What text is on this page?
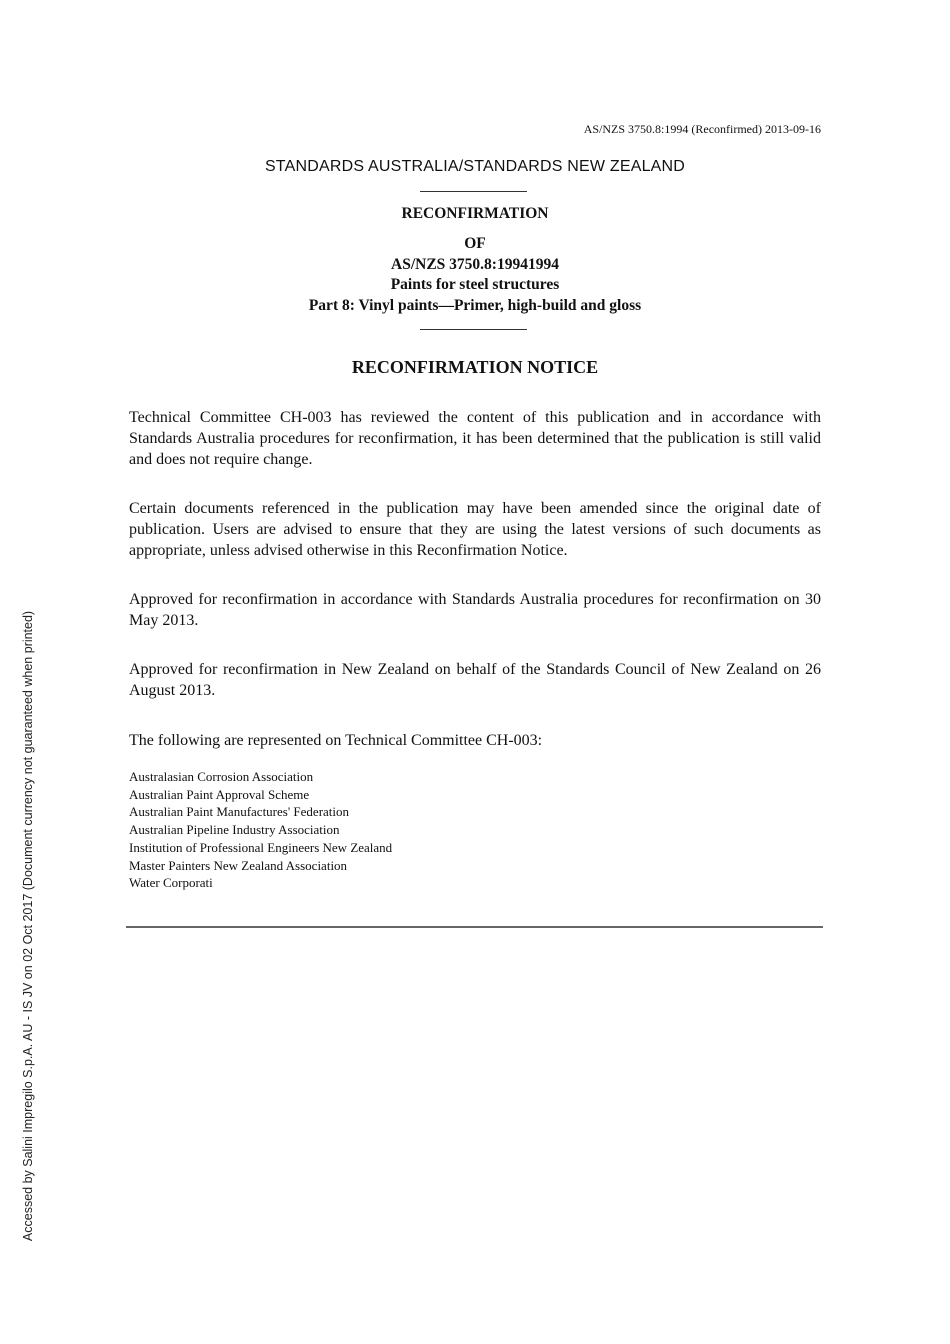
AS/NZS 3750.8:1994 (Reconfirmed) 2013-09-16
STANDARDS AUSTRALIA/STANDARDS NEW ZEALAND
RECONFIRMATION
OF
AS/NZS 3750.8:19941994
Paints for steel structures
Part 8: Vinyl paints—Primer, high-build and gloss
RECONFIRMATION NOTICE

Technical Committee CH-003 has reviewed the content of this publication and in accordance with Standards Australia procedures for reconfirmation, it has been determined that the publication is still valid and does not require change.

Certain documents referenced in the publication may have been amended since the original date of publication. Users are advised to ensure that they are using the latest versions of such documents as appropriate, unless advised otherwise in this Reconfirmation Notice.

Approved for reconfirmation in accordance with Standards Australia procedures for reconfirmation on 30 May 2013.

Approved for reconfirmation in New Zealand on behalf of the Standards Council of New Zealand on 26 August 2013.

The following are represented on Technical Committee CH-003:

Australasian Corrosion Association
Australian Paint Approval Scheme
Australian Paint Manufactures' Federation
Australian Pipeline Industry Association
Institution of Professional Engineers New Zealand
Master Painters New Zealand Association
Water Corporati
Accessed by Salini Impregilo S.p.A. AU - IS JV on 02 Oct 2017 (Document currency not guaranteed when printed)
